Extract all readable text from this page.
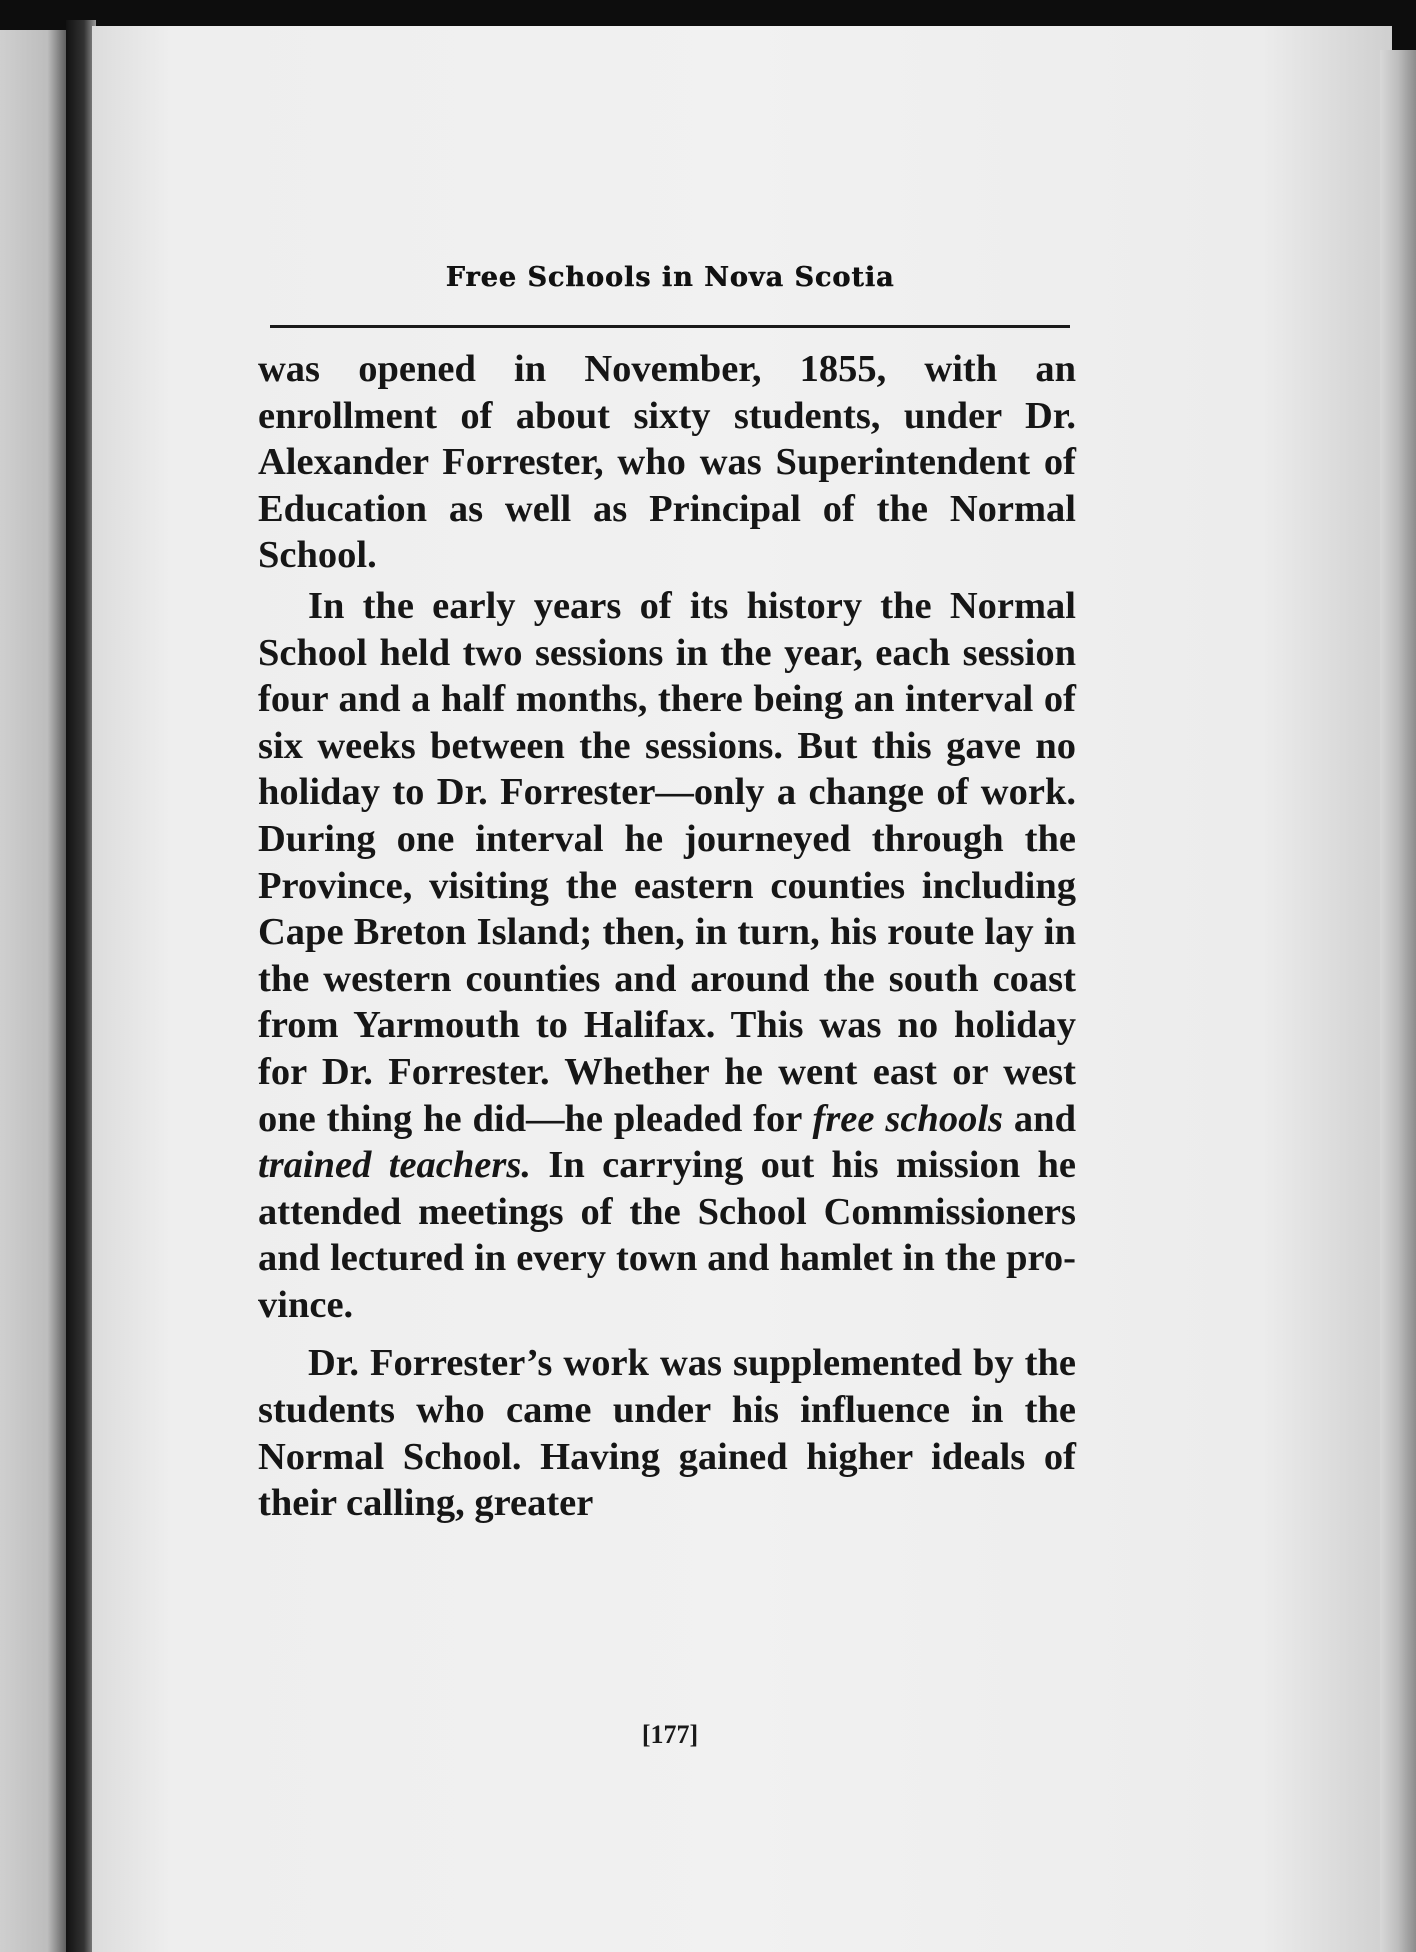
Free Schools in Nova Scotia

was opened in November, 1855, with an enrollment of about sixty students, under Dr. Alexander Forrester, who was Superintendent of Education as well as Principal of the Normal School.

In the early years of its history the Normal School held two sessions in the year, each session four and a half months, there being an interval of six weeks between the sessions. But this gave no holiday to Dr. Forrester—only a change of work. During one interval he journeyed through the Province, visiting the eastern counties including Cape Breton Island; then, in turn, his route lay in the western counties and around the south coast from Yarmouth to Halifax. This was no holiday for Dr. Forrester. Whether he went east or west one thing he did—he pleaded for free schools and trained teachers. In carrying out his mission he attended meetings of the School Commissioners and lectured in every town and hamlet in the province.

Dr. Forrester’s work was supplemented by the students who came under his influence in the Normal School. Having gained higher ideals of their calling, greater

[177]
